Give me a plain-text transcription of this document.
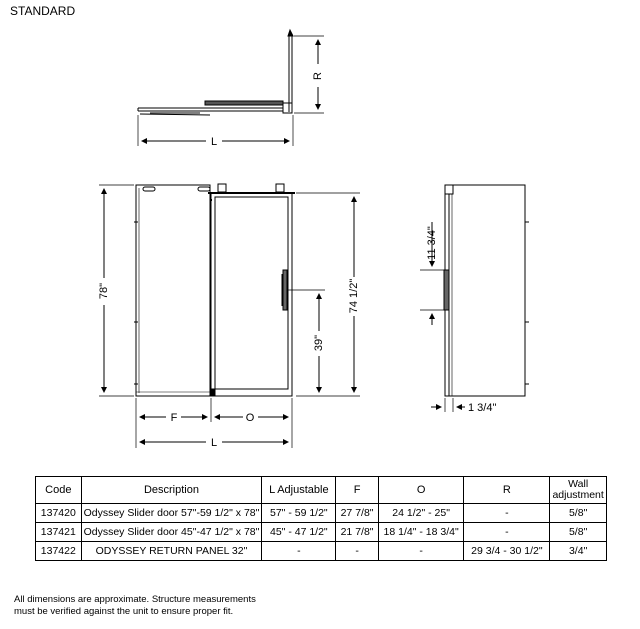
STANDARD
R
L
78"	74 1/2"
39"
F	O
L
11 3/4"
1 3/4"
Code	Description	L Adjustable	F	O	R	Wall
adjustment
137420	Odyssey Slider door 57"-59 1/2" x 78"	57" - 59 1/2"	27 7/8"	24 1/2" - 25"	-	5/8"
137421	Odyssey Slider door 45"-47 1/2" x 78"	45" - 47 1/2"	21 7/8"	18 1/4" - 18 3/4"	-	5/8"
137422	ODYSSEY RETURN PANEL 32"	-	-	-	29 3/4 - 30 1/2"	3/4"
All dimensions are approximate. Structure measurements
must be verified against the unit to ensure proper fit.
